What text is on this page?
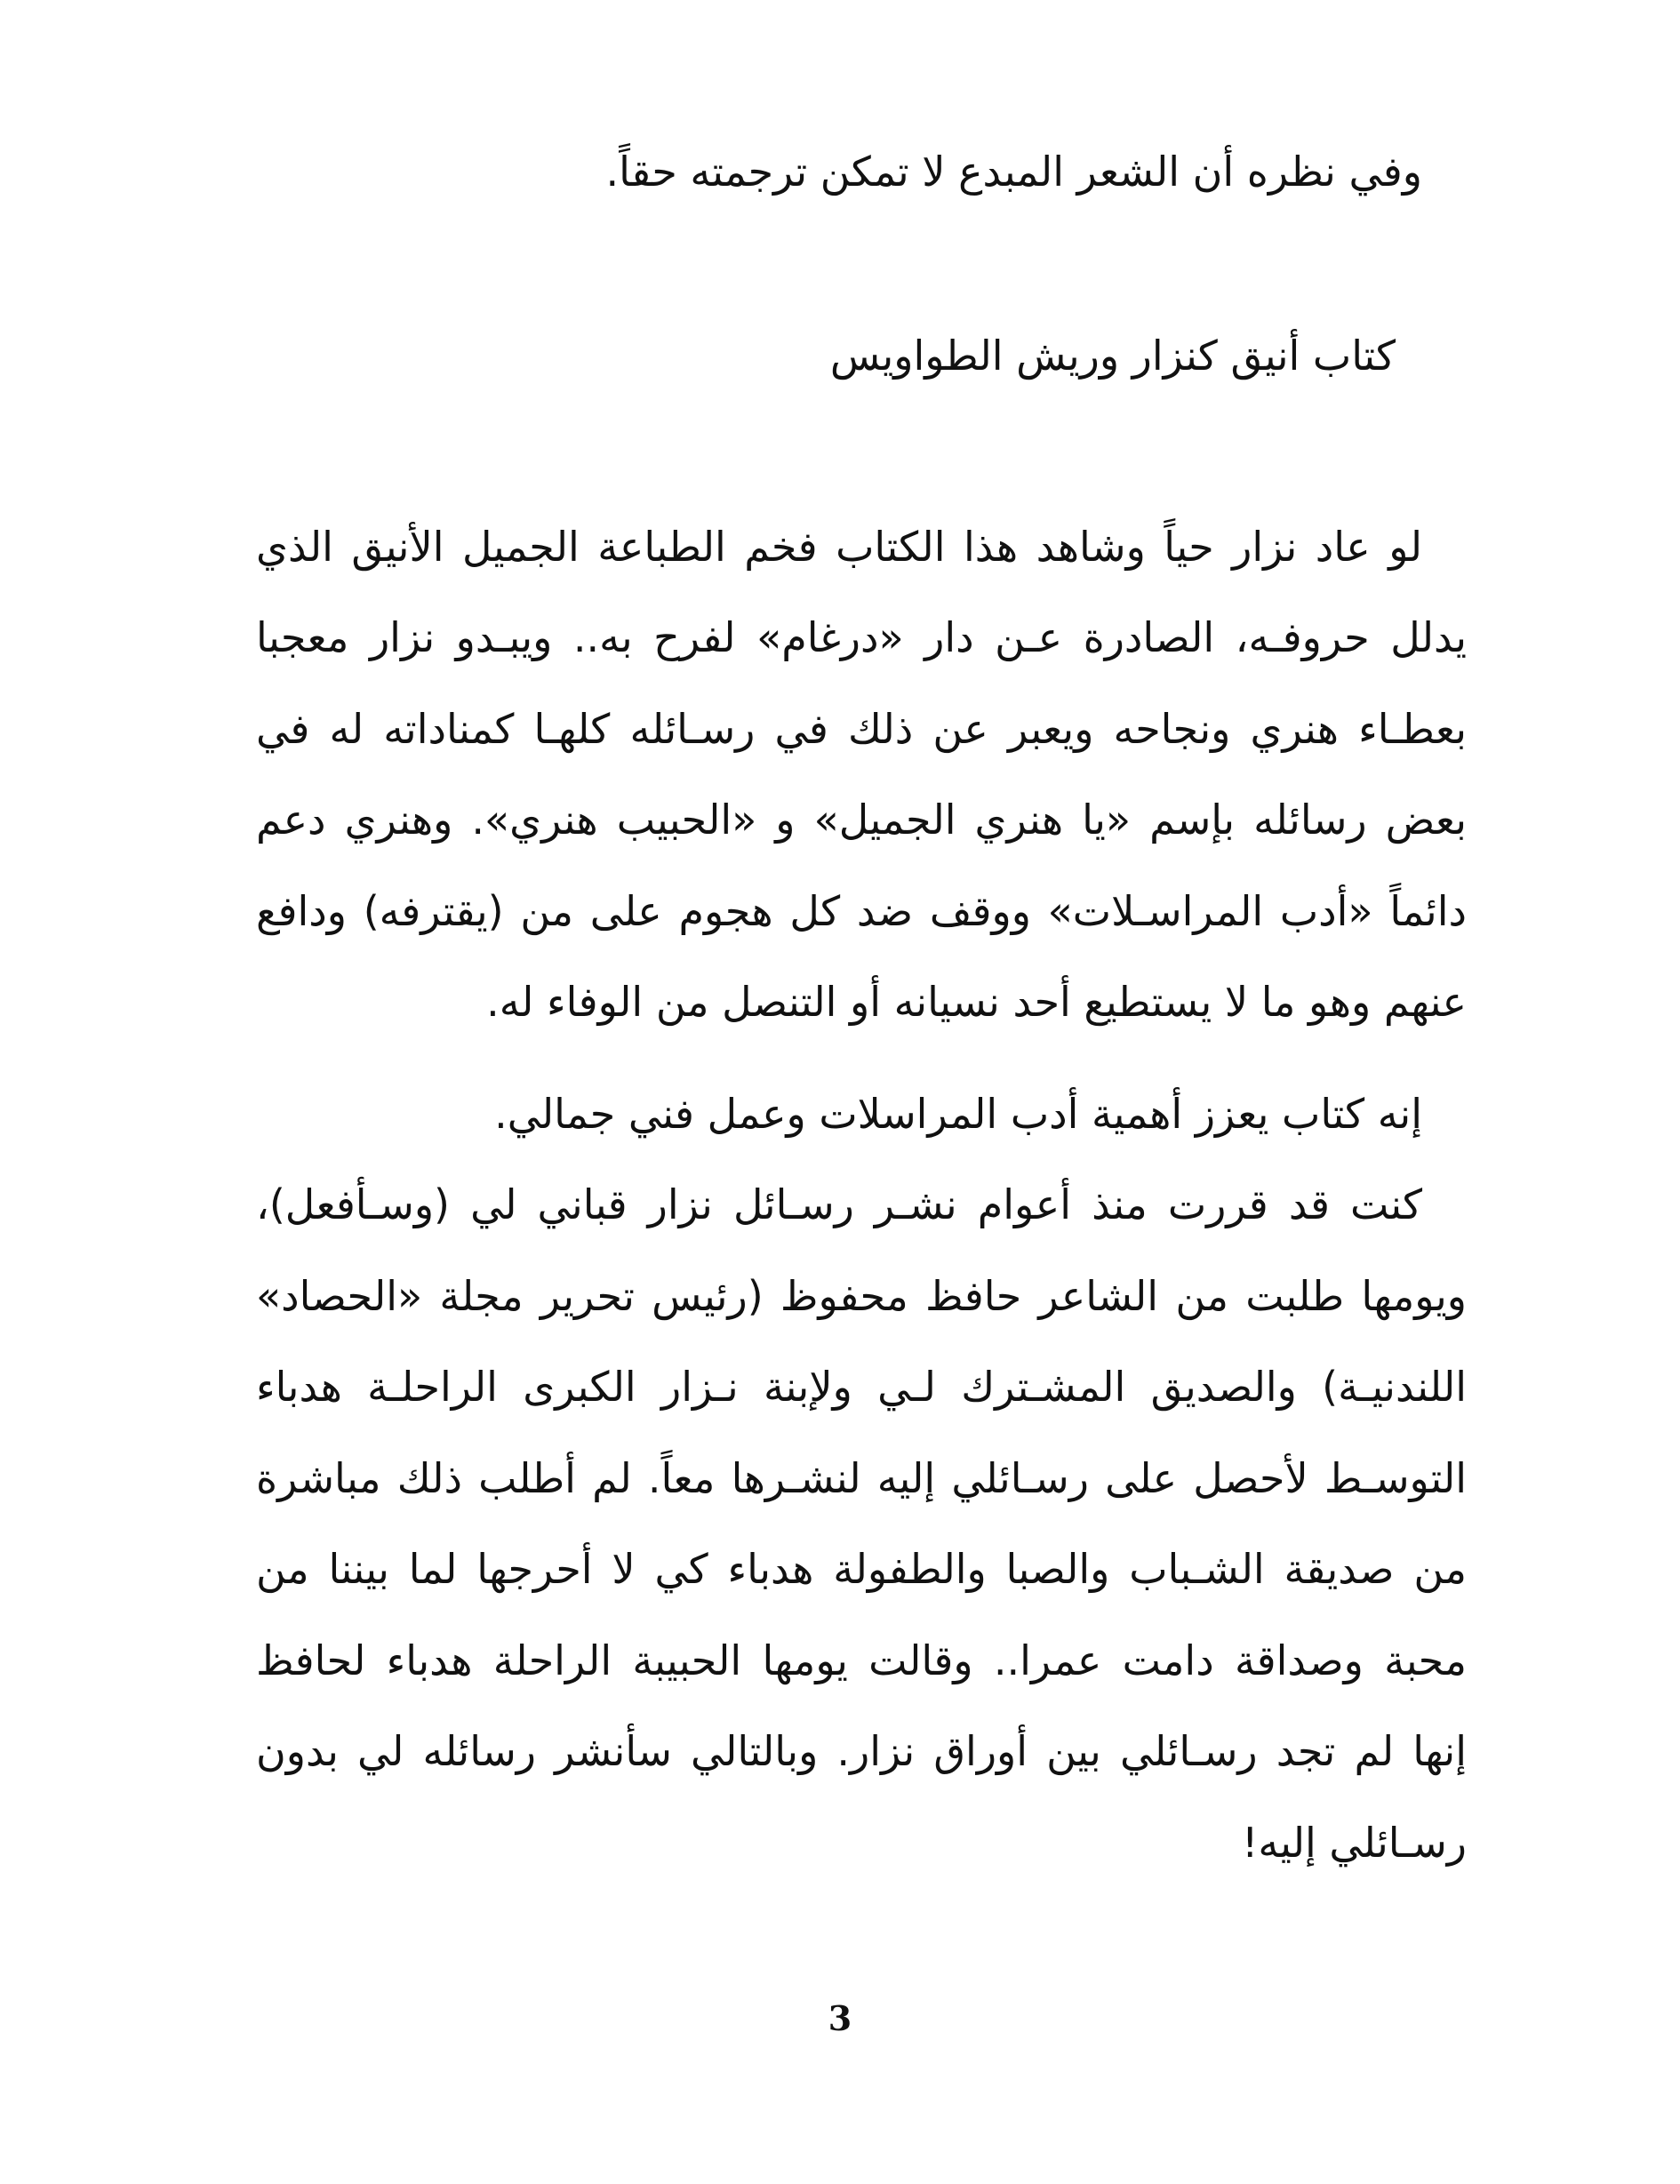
وفي نظره أن الشعر المبدع لا تمكن ترجمته حقاً.
كتاب أنيق كنزار وريش الطواويس
لو عاد نزار حياً وشاهد هذا الكتاب فخم الطباعة الجميل الأنيق الذي
يدلل حروفـه، الصادرة عـن دار «درغام» لفرح به.. ويبـدو نزار معجبا
بعطـاء هنري ونجاحه ويعبر عن ذلك في رسـائله كلهـا كمناداته له في
بعض رسائله بإسم «يا هنري الجميل» و «الحبيب هنري». وهنري دعم
دائماً «أدب المراسـلات» ووقف ضد كل هجوم على من (يقترفه) ودافع
عنهم وهو ما لا يستطيع أحد نسيانه أو التنصل من الوفاء له.
إنه كتاب يعزز أهمية أدب المراسلات وعمل فني جمالي.
كنت قد قررت منذ أعوام نشـر رسـائل نزار قباني لي (وسـأفعل)،
ويومها طلبت من الشاعر حافظ محفوظ (رئيس تحرير مجلة «الحصاد»
اللندنيـة) والصديق المشـترك لـي ولإبنة نـزار الكبرى الراحلـة هدباء
التوسـط لأحصل على رسـائلي إليه لنشـرها معاً. لم أطلب ذلك مباشرة
من صديقة الشـباب والصبا والطفولة هدباء كي لا أحرجها لما بيننا من
محبة وصداقة دامت عمرا.. وقالت يومها الحبيبة الراحلة هدباء لحافظ
إنها لم تجد رسـائلي بين أوراق نزار. وبالتالي سأنشر رسائله لي بدون
رسـائلي إليه!
3
